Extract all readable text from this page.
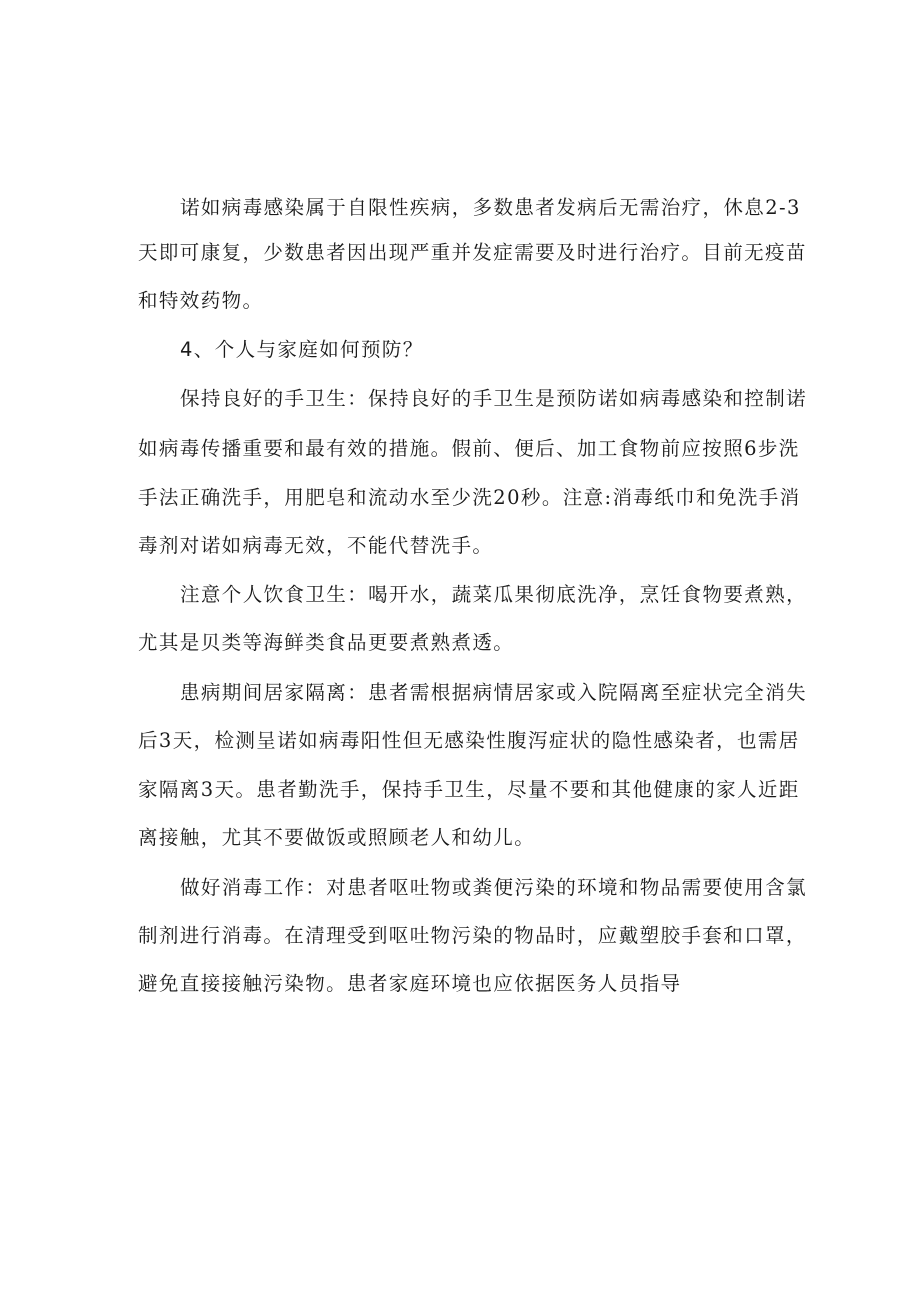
诺如病毒感染属于自限性疾病，多数患者发病后无需治疗，休息2-3

天即可康复，少数患者因出现严重并发症需要及时进行治疗。目前无疫苗

和特效药物。

4、个人与家庭如何预防？

保持良好的手卫生：保持良好的手卫生是预防诺如病毒感染和控制诺

如病毒传播重要和最有效的措施。假前、便后、加工食物前应按照6步洗

手法正确洗手，用肥皂和流动水至少洗20秒。注意:消毒纸巾和免洗手消

毒剂对诺如病毒无效，不能代替洗手。

注意个人饮食卫生：喝开水，蔬菜瓜果彻底洗净，烹饪食物要煮熟，

尤其是贝类等海鲜类食品更要煮熟煮透。

患病期间居家隔离：患者需根据病情居家或入院隔离至症状完全消失

后3天，检测呈诺如病毒阳性但无感染性腹泻症状的隐性感染者，也需居

家隔离3天。患者勤洗手，保持手卫生，尽量不要和其他健康的家人近距

离接触，尤其不要做饭或照顾老人和幼儿。

做好消毒工作：对患者呕吐物或粪便污染的环境和物品需要使用含氯

制剂进行消毒。在清理受到呕吐物污染的物品时，应戴塑胶手套和口罩，

避免直接接触污染物。患者家庭环境也应依据医务人员指导
